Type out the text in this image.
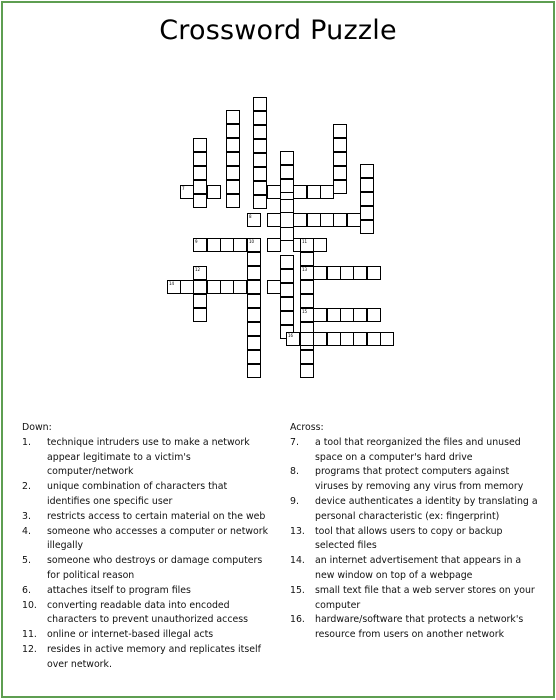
Crossword Puzzle
7
8
9	10	11
13
15
12
14
16
Down:
1.	technique intruders use to make a network appear legitimate to a victim's computer/network
2.	unique combination of characters that identifies one specific user
3.	restricts access to certain material on the web
4.	someone who accesses a computer or network illegally
5.	someone who destroys or damage computers for political reason
6.	attaches itself to program files
10.	converting readable data into encoded characters to prevent unauthorized access
11.	online or internet-based illegal acts
12.	resides in active memory and replicates itself over network.
Across:
7.	a tool that reorganized the files and unused space on a computer's hard drive
8.	programs that protect computers against viruses by removing any virus from memory
9.	device authenticates a identity by translating a personal characteristic (ex: fingerprint)
13.	tool that allows users to copy or backup selected files
14.	an internet advertisement that appears in a new window on top of a webpage
15.	small text file that a web server stores on your computer
16.	hardware/software that protects a network's resource from users on another network
